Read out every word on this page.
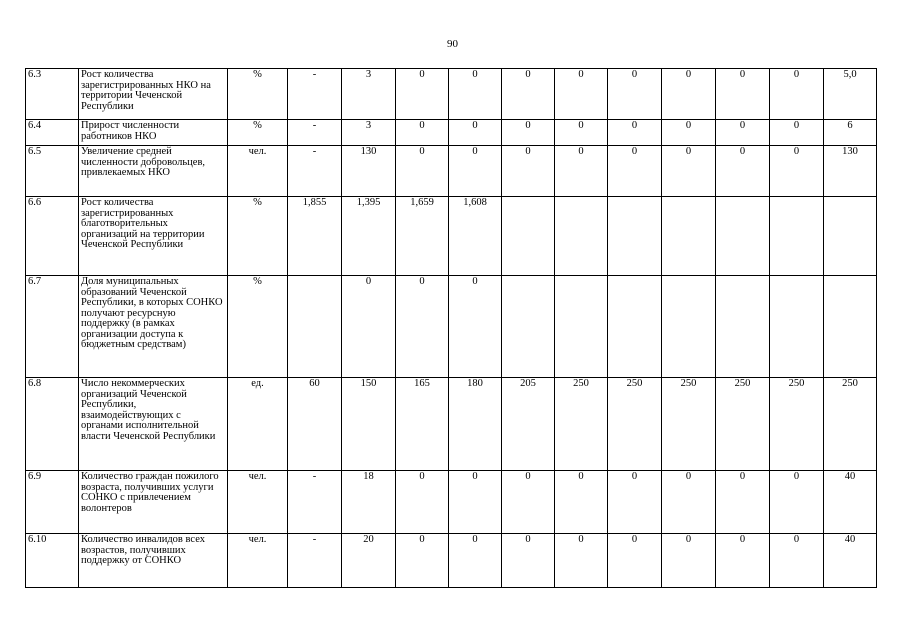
90
6.3	Рост количества зарегистрированных НКО на территории Чеченской Республики	%	-	3	0	0	0	0	0	0	0	0	5,0
6.4	Прирост численности работников НКО	%	-	3	0	0	0	0	0	0	0	0	6
6.5	Увеличение средней численности добровольцев, привлекаемых НКО	чел.	-	130	0	0	0	0	0	0	0	0	130
6.6	Рост количества зарегистрированных благотворительных организаций на территории Чеченской Республики	%	1,855	1,395	1,659	1,608							
6.7	Доля муниципальных образований Чеченской Республики, в которых СОНКО получают ресурсную поддержку (в рамках организации доступа к бюджетным средствам)	%		0	0	0							
6.8	Число некоммерческих организаций Чеченской Республики, взаимодействующих с органами исполнительной власти Чеченской Республики	ед.	60	150	165	180	205	250	250	250	250	250	250
6.9	Количество граждан пожилого возраста, получивших услуги СОНКО с привлечением волонтеров	чел.	-	18	0	0	0	0	0	0	0	0	40
6.10	Количество инвалидов всех возрастов, получивших поддержку от СОНКО	чел.	-	20	0	0	0	0	0	0	0	0	40
